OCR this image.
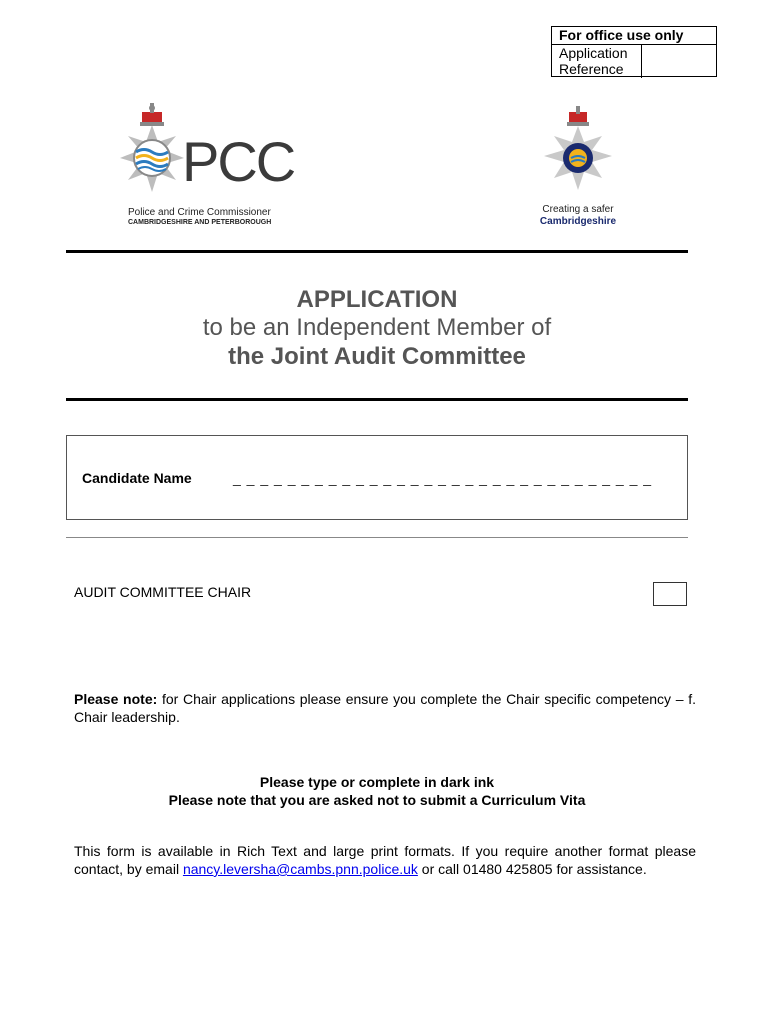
For office use only
Application
Reference
PCC
Police and Crime Commissioner
CAMBRIDGESHIRE AND PETERBOROUGH
Creating a safer
Cambridgeshire
APPLICATION
to be an Independent Member of
the Joint Audit Committee
Candidate Name	_ _ _ _ _ _ _ _ _ _ _ _ _ _ _ _ _ _ _ _ _ _ _ _ _ _ _ _ _ _ _
AUDIT COMMITTEE CHAIR
Please note: for Chair applications please ensure you complete the Chair specific competency – f. Chair leadership.
Please type or complete in dark ink
Please note that you are asked not to submit a Curriculum Vita
This form is available in Rich Text and large print formats. If you require another format please contact, by email nancy.leversha@cambs.pnn.police.uk or call 01480 425805 for assistance.
